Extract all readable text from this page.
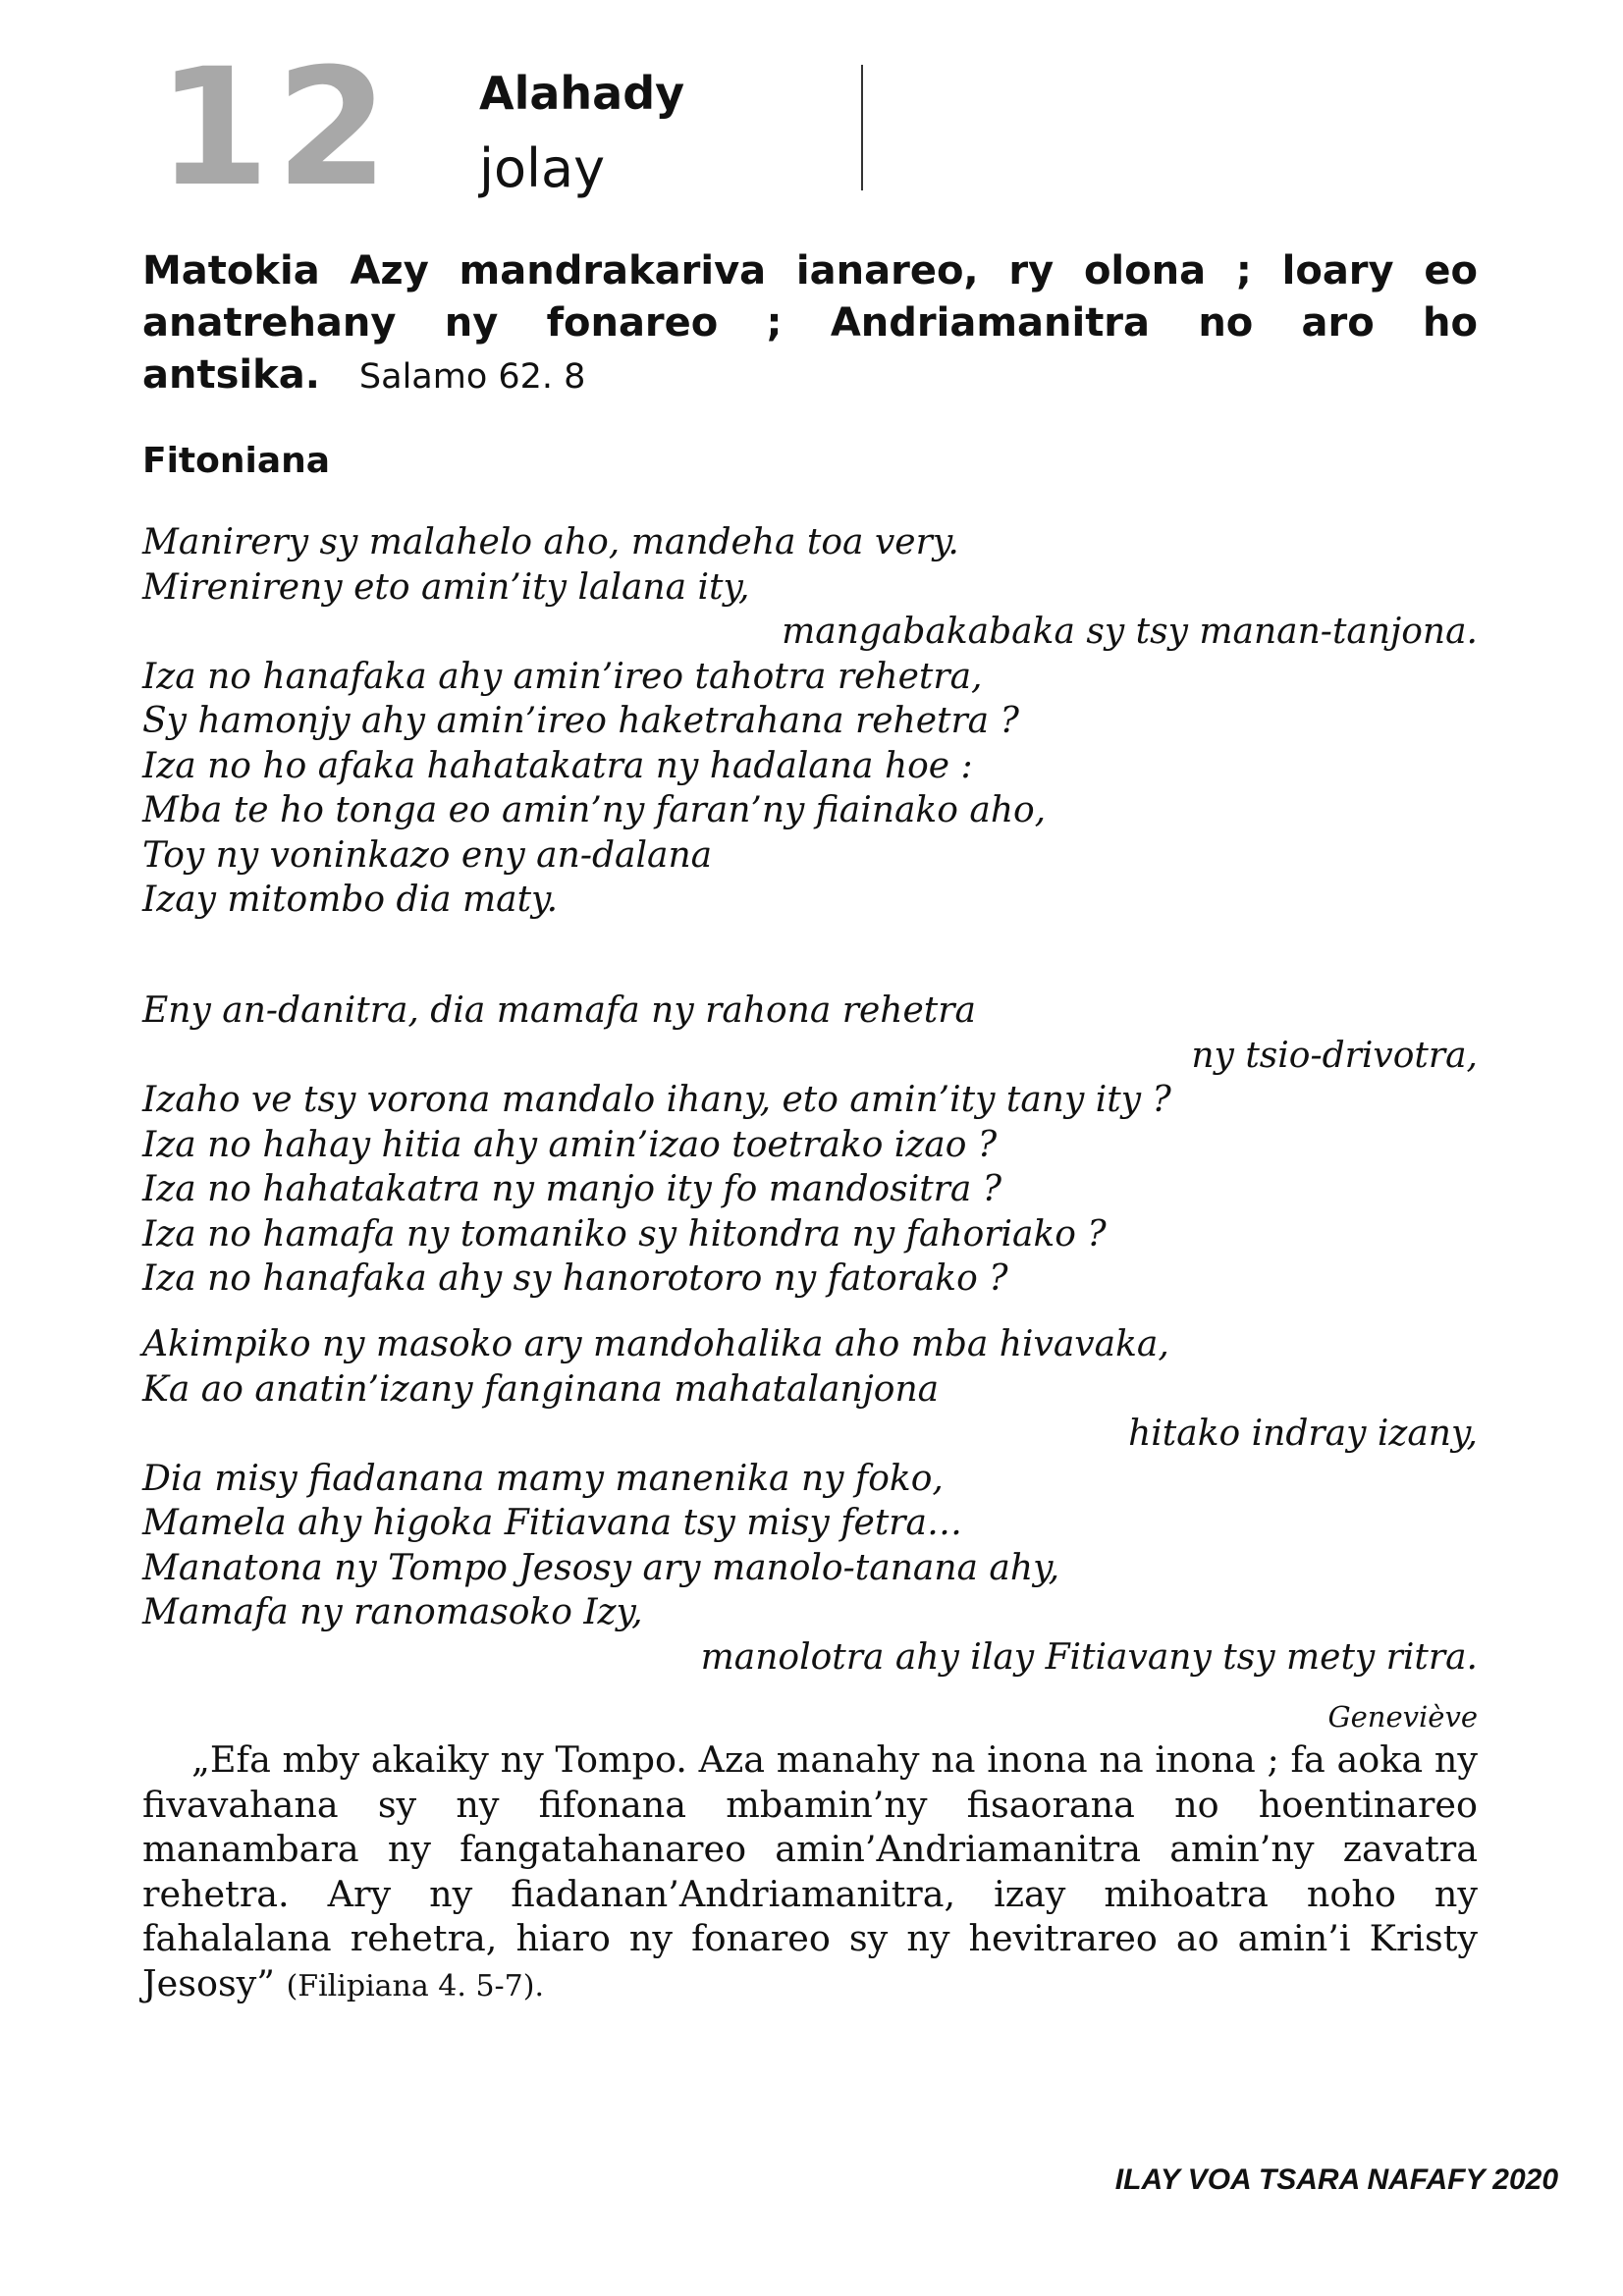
12 Alahady
jolay
Matokia Azy mandrakariva ianareo, ry olona ; loary eo anatrehany ny fonareo ; Andriamanitra no aro ho antsika. Salamo 62. 8
Fitoniana
Manirery sy malahelo aho, mandeha toa very.
Mirenireny eto amin’ity lalana ity,
mangabakabaka sy tsy manan-tanjona.
Iza no hanafaka ahy amin’ireo tahotra rehetra,
Sy hamonjy ahy amin’ireo haketrahana rehetra ?
Iza no ho afaka hahatakatra ny hadalana hoe :
Mba te ho tonga eo amin’ny faran’ny fiainako aho,
Toy ny voninkazo eny an-dalana
Izay mitombo dia maty.
Eny an-danitra, dia mamafa ny rahona rehetra
ny tsio-drivotra,
Izaho ve tsy vorona mandalo ihany, eto amin’ity tany ity ?
Iza no hahay hitia ahy amin’izao toetrako izao ?
Iza no hahatakatra ny manjo ity fo mandositra ?
Iza no hamafa ny tomaniko sy hitondra ny fahoriako ?
Iza no hanafaka ahy sy hanorotoro ny fatorako ?
Akimpiko ny masoko ary mandohalika aho mba hivavaka,
Ka ao anatin’izany fanginana mahatalanjona
hitako indray izany,
Dia misy fiadanana mamy manenika ny foko,
Mamela ahy higoka Fitiavana tsy misy fetra…
Manatona ny Tompo Jesosy ary manolo-tanana ahy,
Mamafa ny ranomasoko Izy,
manolotra ahy ilay Fitiavany tsy mety ritra.
Geneviève
„Efa mby akaiky ny Tompo. Aza manahy na inona na inona ; fa aoka ny fivavahana sy ny fifonana mbamin’ny fisaorana no hoentinareo manambara ny fangatahanareo amin’Andriamanitra amin’ny zavatra rehetra. Ary ny fiadanan’Andriamanitra, izay mihoatra noho ny fahalalana rehetra, hiaro ny fonareo sy ny hevitrareo ao amin’i Kristy Jesosy” (Filipiana 4. 5-7).
ILAY VOA TSARA NAFAFY 2020
